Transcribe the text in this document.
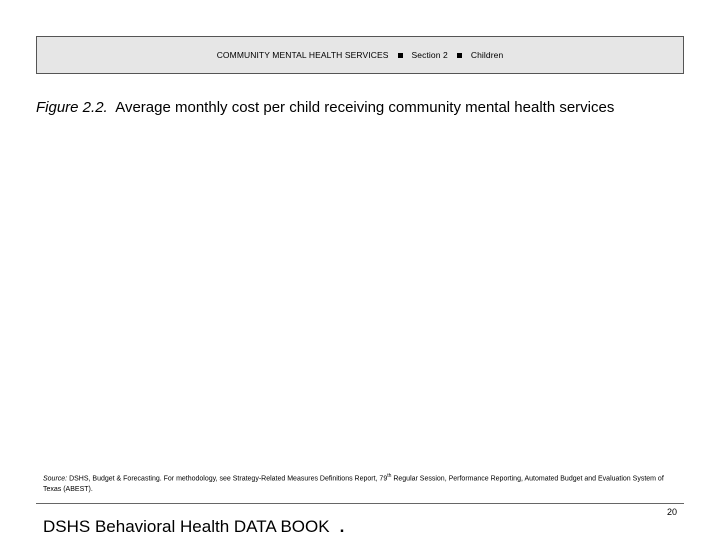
COMMUNITY MENTAL HEALTH SERVICES	Section 2	Children
Figure 2.2. Average monthly cost per child receiving community mental health services
Source: DSHS, Budget & Forecasting. For methodology, see Strategy-Related Measures Definitions Report, 79th Regular Session, Performance Reporting, Automated Budget and Evaluation System of Texas (ABEST).
20
DSHS Behavioral Health DATA BOOK .
